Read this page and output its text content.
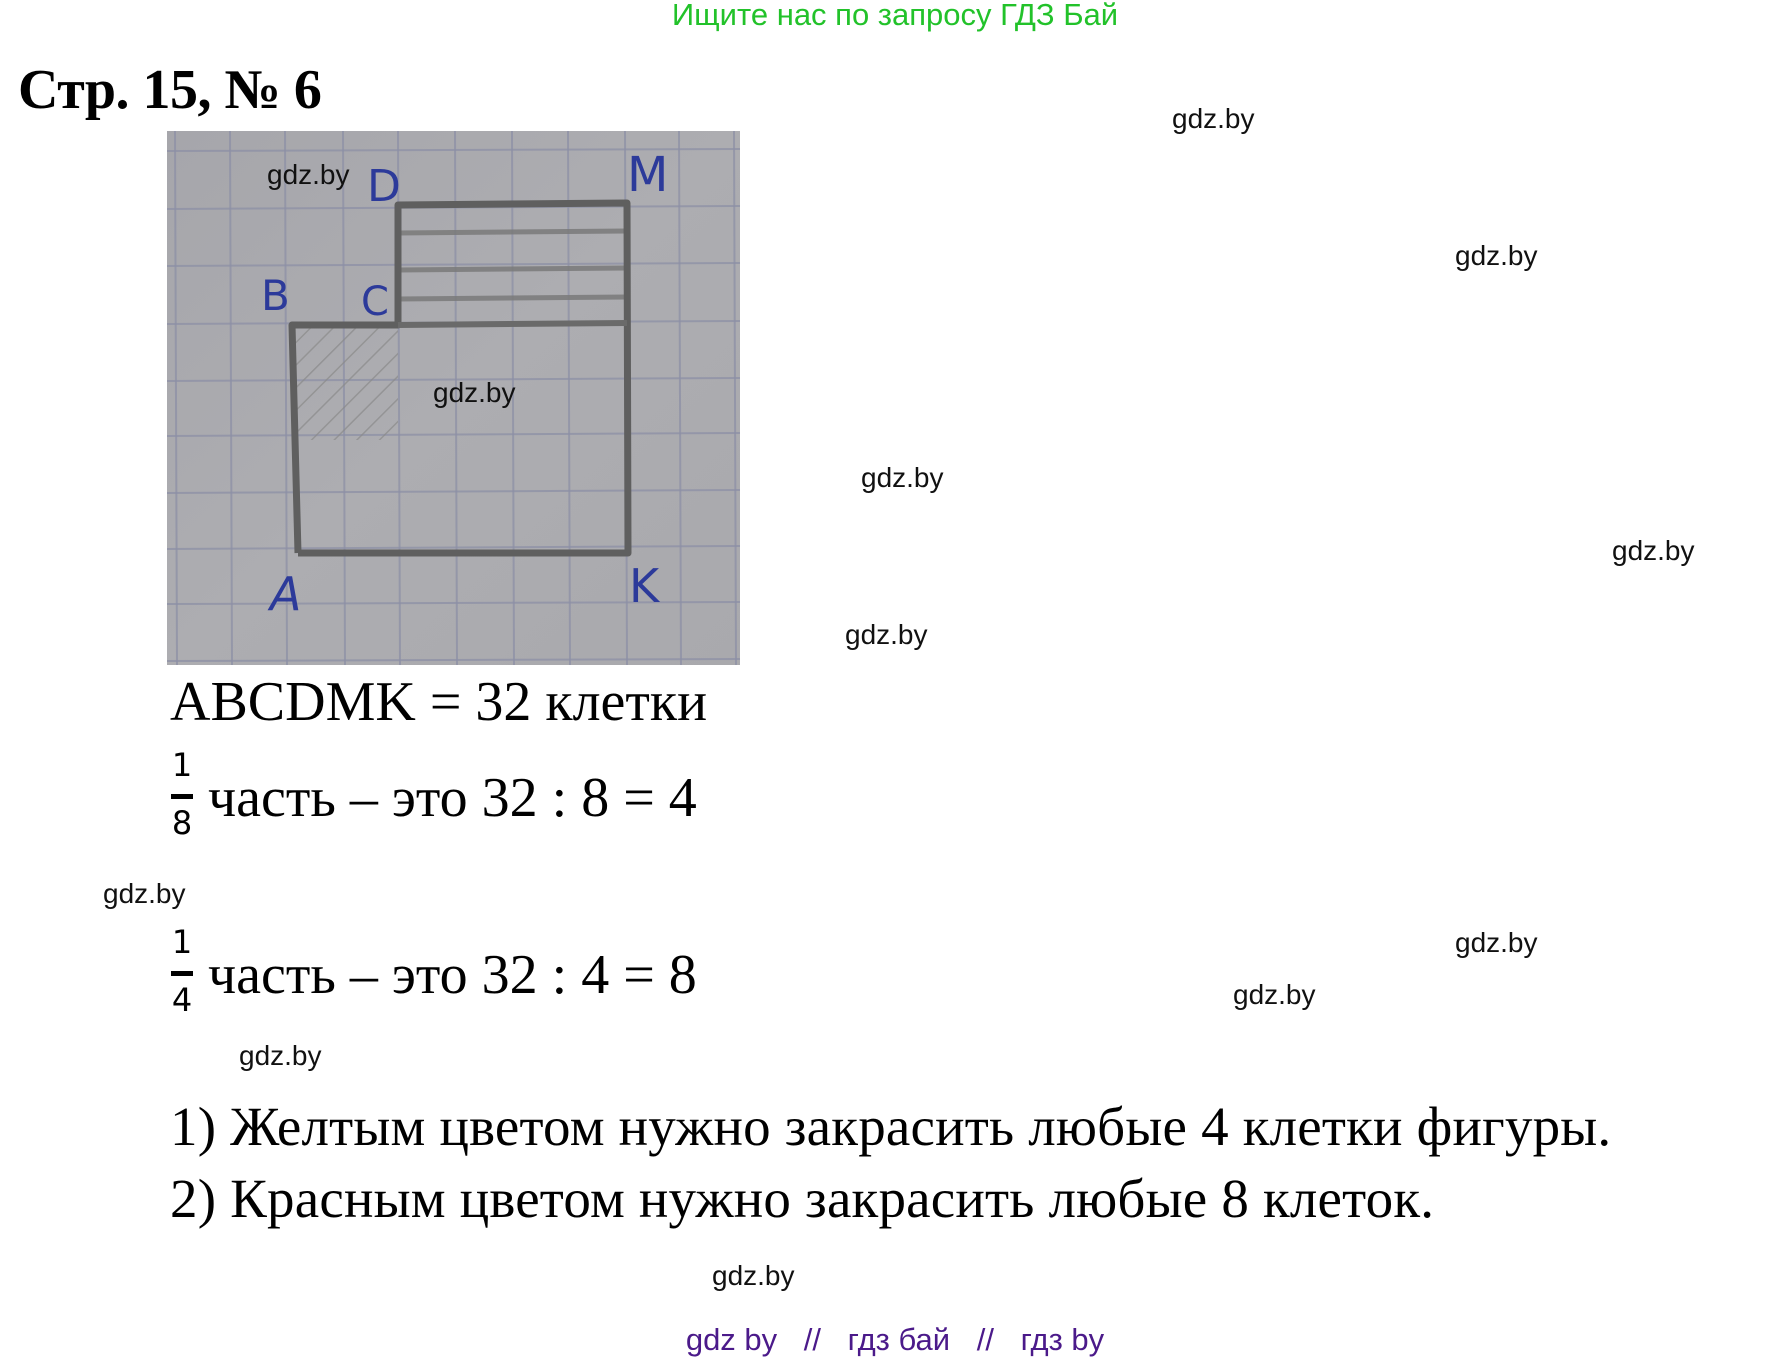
Ищите нас по запросу ГДЗ Бай
Стр. 15, № 6
D	M
B C
A	K
gdz.by
gdz.by
ABCDMK = 32 клетки
1
8 часть – это 32 : 8 = 4
1
4 часть – это 32 : 4 = 8
1) Желтым цветом нужно закрасить любые 4 клетки фигуры.
2) Красным цветом нужно закрасить любые 8 клеток.
gdz.by
gdz.by
gdz.by
gdz.by
gdz.by
gdz.by
gdz.by
gdz.by
gdz.by
gdz.by
gdz by // гдз бай // гдз by
